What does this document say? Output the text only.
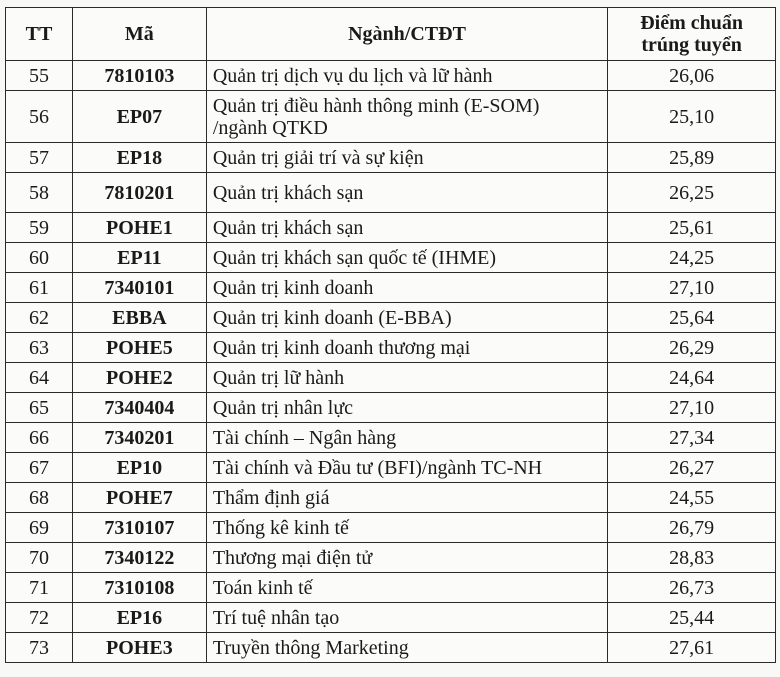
TT	Mã	Ngành/CTĐT	Điểm chuẩn
trúng tuyển

55	7810103	Quản trị dịch vụ du lịch và lữ hành	26,06
56	EP07	Quản trị điều hành thông minh (E-SOM)
/ngành QTKD	25,10
57	EP18	Quản trị giải trí và sự kiện	25,89
58	7810201	Quản trị khách sạn	26,25
59	POHE1	Quản trị khách sạn	25,61
60	EP11	Quản trị khách sạn quốc tế (IHME)	24,25
61	7340101	Quản trị kinh doanh	27,10
62	EBBA	Quản trị kinh doanh (E-BBA)	25,64
63	POHE5	Quản trị kinh doanh thương mại	26,29
64	POHE2	Quản trị lữ hành	24,64
65	7340404	Quản trị nhân lực	27,10
66	7340201	Tài chính – Ngân hàng	27,34
67	EP10	Tài chính và Đầu tư (BFI)/ngành TC-NH	26,27
68	POHE7	Thẩm định giá	24,55
69	7310107	Thống kê kinh tế	26,79
70	7340122	Thương mại điện tử	28,83
71	7310108	Toán kinh tế	26,73
72	EP16	Trí tuệ nhân tạo	25,44
73	POHE3	Truyền thông Marketing	27,61
